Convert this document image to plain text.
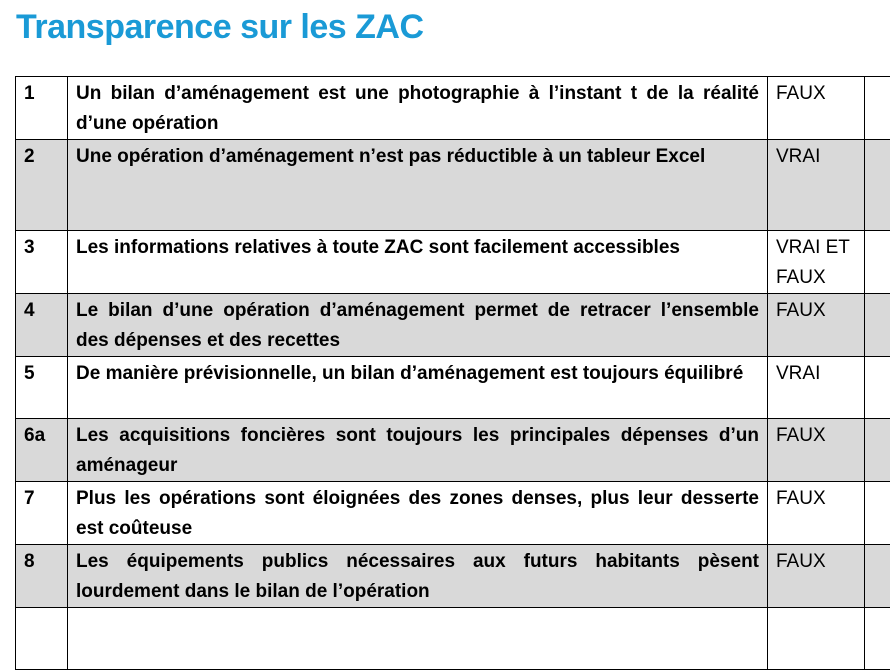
Transparence sur les ZAC
1	Un bilan d’aménagement est une photographie à l’instant t de la réalité d’une opération	FAUX	
2	Une opération d’aménagement n’est pas réductible à un tableur Excel	VRAI	
3	Les informations relatives à toute ZAC sont facilement accessibles	VRAI ET FAUX	
4	Le bilan d’une opération d’aménagement permet de retracer l’ensemble des dépenses et des recettes	FAUX	
5	De manière prévisionnelle, un bilan d’aménagement est toujours équilibré	VRAI	
6a	Les acquisitions foncières sont toujours les principales dépenses d’un aménageur	FAUX	
7	Plus les opérations sont éloignées des zones denses, plus leur desserte est coûteuse	FAUX	
8	Les équipements publics nécessaires aux futurs habitants pèsent lourdement dans le bilan de l’opération	FAUX	
